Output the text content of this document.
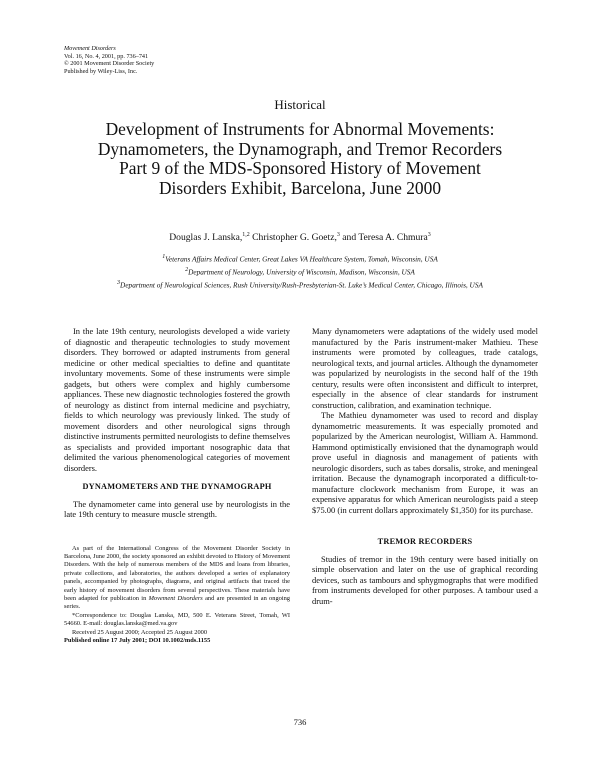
Movement Disorders
Vol. 16, No. 4, 2001, pp. 736–741
© 2001 Movement Disorder Society
Published by Wiley-Liss, Inc.
Historical
Development of Instruments for Abnormal Movements: Dynamometers, the Dynamograph, and Tremor Recorders Part 9 of the MDS-Sponsored History of Movement Disorders Exhibit, Barcelona, June 2000
Douglas J. Lanska,$^{1,2}$ Christopher G. Goetz,$^3$ and Teresa A. Chmura$^3$
$^1$Veterans Affairs Medical Center, Great Lakes VA Healthcare System, Tomah, Wisconsin, USA
$^2$Department of Neurology, University of Wisconsin, Madison, Wisconsin, USA
$^3$Department of Neurological Sciences, Rush University/Rush-Presbyterian-St. Luke’s Medical Center, Chicago, Illinois, USA

In the late 19th century, neurologists developed a wide variety of diagnostic and therapeutic technologies to study movement disorders. They borrowed or adapted instruments from general medicine or other medical specialties to define and quantitate involuntary movements. Some of these instruments were simple gadgets, but others were complex and highly cumbersome appliances. These new diagnostic technologies fostered the growth of neurology as distinct from internal medicine and psychiatry, fields to which neurology was previously linked. The study of movement disorders and other neurological signs through distinctive instruments permitted neurologists to define themselves as specialists and provided important nosographic data that delimited the various phenomenological categories of movement disorders.

DYNAMOMETERS AND THE DYNAMOGRAPH

The dynamometer came into general use by neurologists in the late 19th century to measure muscle strength.

As part of the International Congress of the Movement Disorder Society in Barcelona, June 2000, the society sponsored an exhibit devoted to History of Movement Disorders. With the help of numerous members of the MDS and loans from libraries, private collections, and laboratories, the authors developed a series of explanatory panels, accompanied by photographs, diagrams, and original artifacts that traced the early history of movement disorders from several perspectives. These materials have been adapted for publication in Movement Disorders and are presented in an ongoing series.

*Correspondence to: Douglas Lanska, MD, 500 E. Veterans Street, Tomah, WI 54660. E-mail: douglas.lanska@med.va.gov

Received 25 August 2000; Accepted 25 August 2000

Published online 17 July 2001; DOI 10.1002/mds.1155

Many dynamometers were adaptations of the widely used model manufactured by the Paris instrument-maker Mathieu. These instruments were promoted by colleagues, trade catalogs, neurological texts, and journal articles. Although the dynamometer was popularized by neurologists in the second half of the 19th century, results were often inconsistent and difficult to interpret, especially in the absence of clear standards for instrument construction, calibration, and examination technique.

The Mathieu dynamometer was used to record and display dynamometric measurements. It was especially promoted and popularized by the American neurologist, William A. Hammond. Hammond optimistically envisioned that the dynamograph would prove useful in diagnosis and management of patients with neurologic disorders, such as tabes dorsalis, stroke, and meningeal irritation. Because the dynamograph incorporated a difficult-to-manufacture clockwork mechanism from Europe, it was an expensive apparatus for which American neurologists paid a steep $75.00 (in current dollars approximately $1,350) for its purchase.

TREMOR RECORDERS

Studies of tremor in the 19th century were based initially on simple observation and later on the use of graphical recording devices, such as tambours and sphygmographs that were modified from instruments developed for other purposes. A tambour used a drum-

736
